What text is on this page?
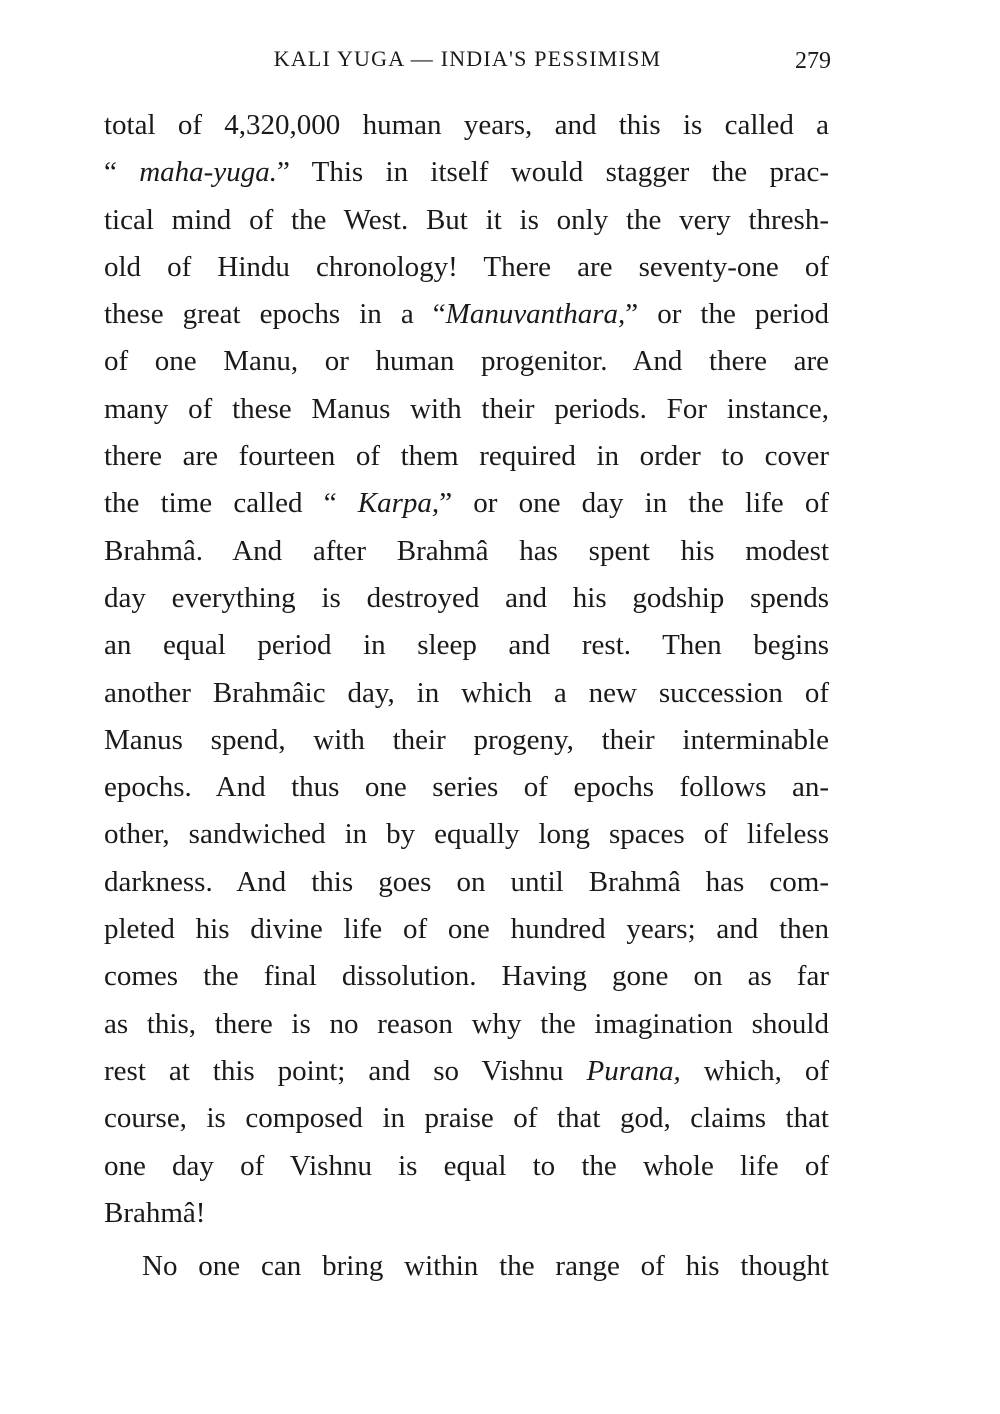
KALI YUGA — INDIA'S PESSIMISM	279
total of 4,320,000 human years, and this is called a
“ maha-yuga.” This in itself would stagger the prac-
tical mind of the West. But it is only the very thresh-
old of Hindu chronology! There are seventy-one of
these great epochs in a “Manuvanthara,” or the period
of one Manu, or human progenitor. And there are
many of these Manus with their periods. For instance,
there are fourteen of them required in order to cover
the time called “ Karpa,” or one day in the life of
Brahmâ. And after Brahmâ has spent his modest
day everything is destroyed and his godship spends
an equal period in sleep and rest. Then begins
another Brahmâic day, in which a new succession of
Manus spend, with their progeny, their interminable
epochs. And thus one series of epochs follows an-
other, sandwiched in by equally long spaces of lifeless
darkness. And this goes on until Brahmâ has com-
pleted his divine life of one hundred years; and then
comes the final dissolution. Having gone on as far
as this, there is no reason why the imagination should
rest at this point; and so Vishnu Purana, which, of
course, is composed in praise of that god, claims that
one day of Vishnu is equal to the whole life of
Brahmâ!
No one can bring within the range of his thought
